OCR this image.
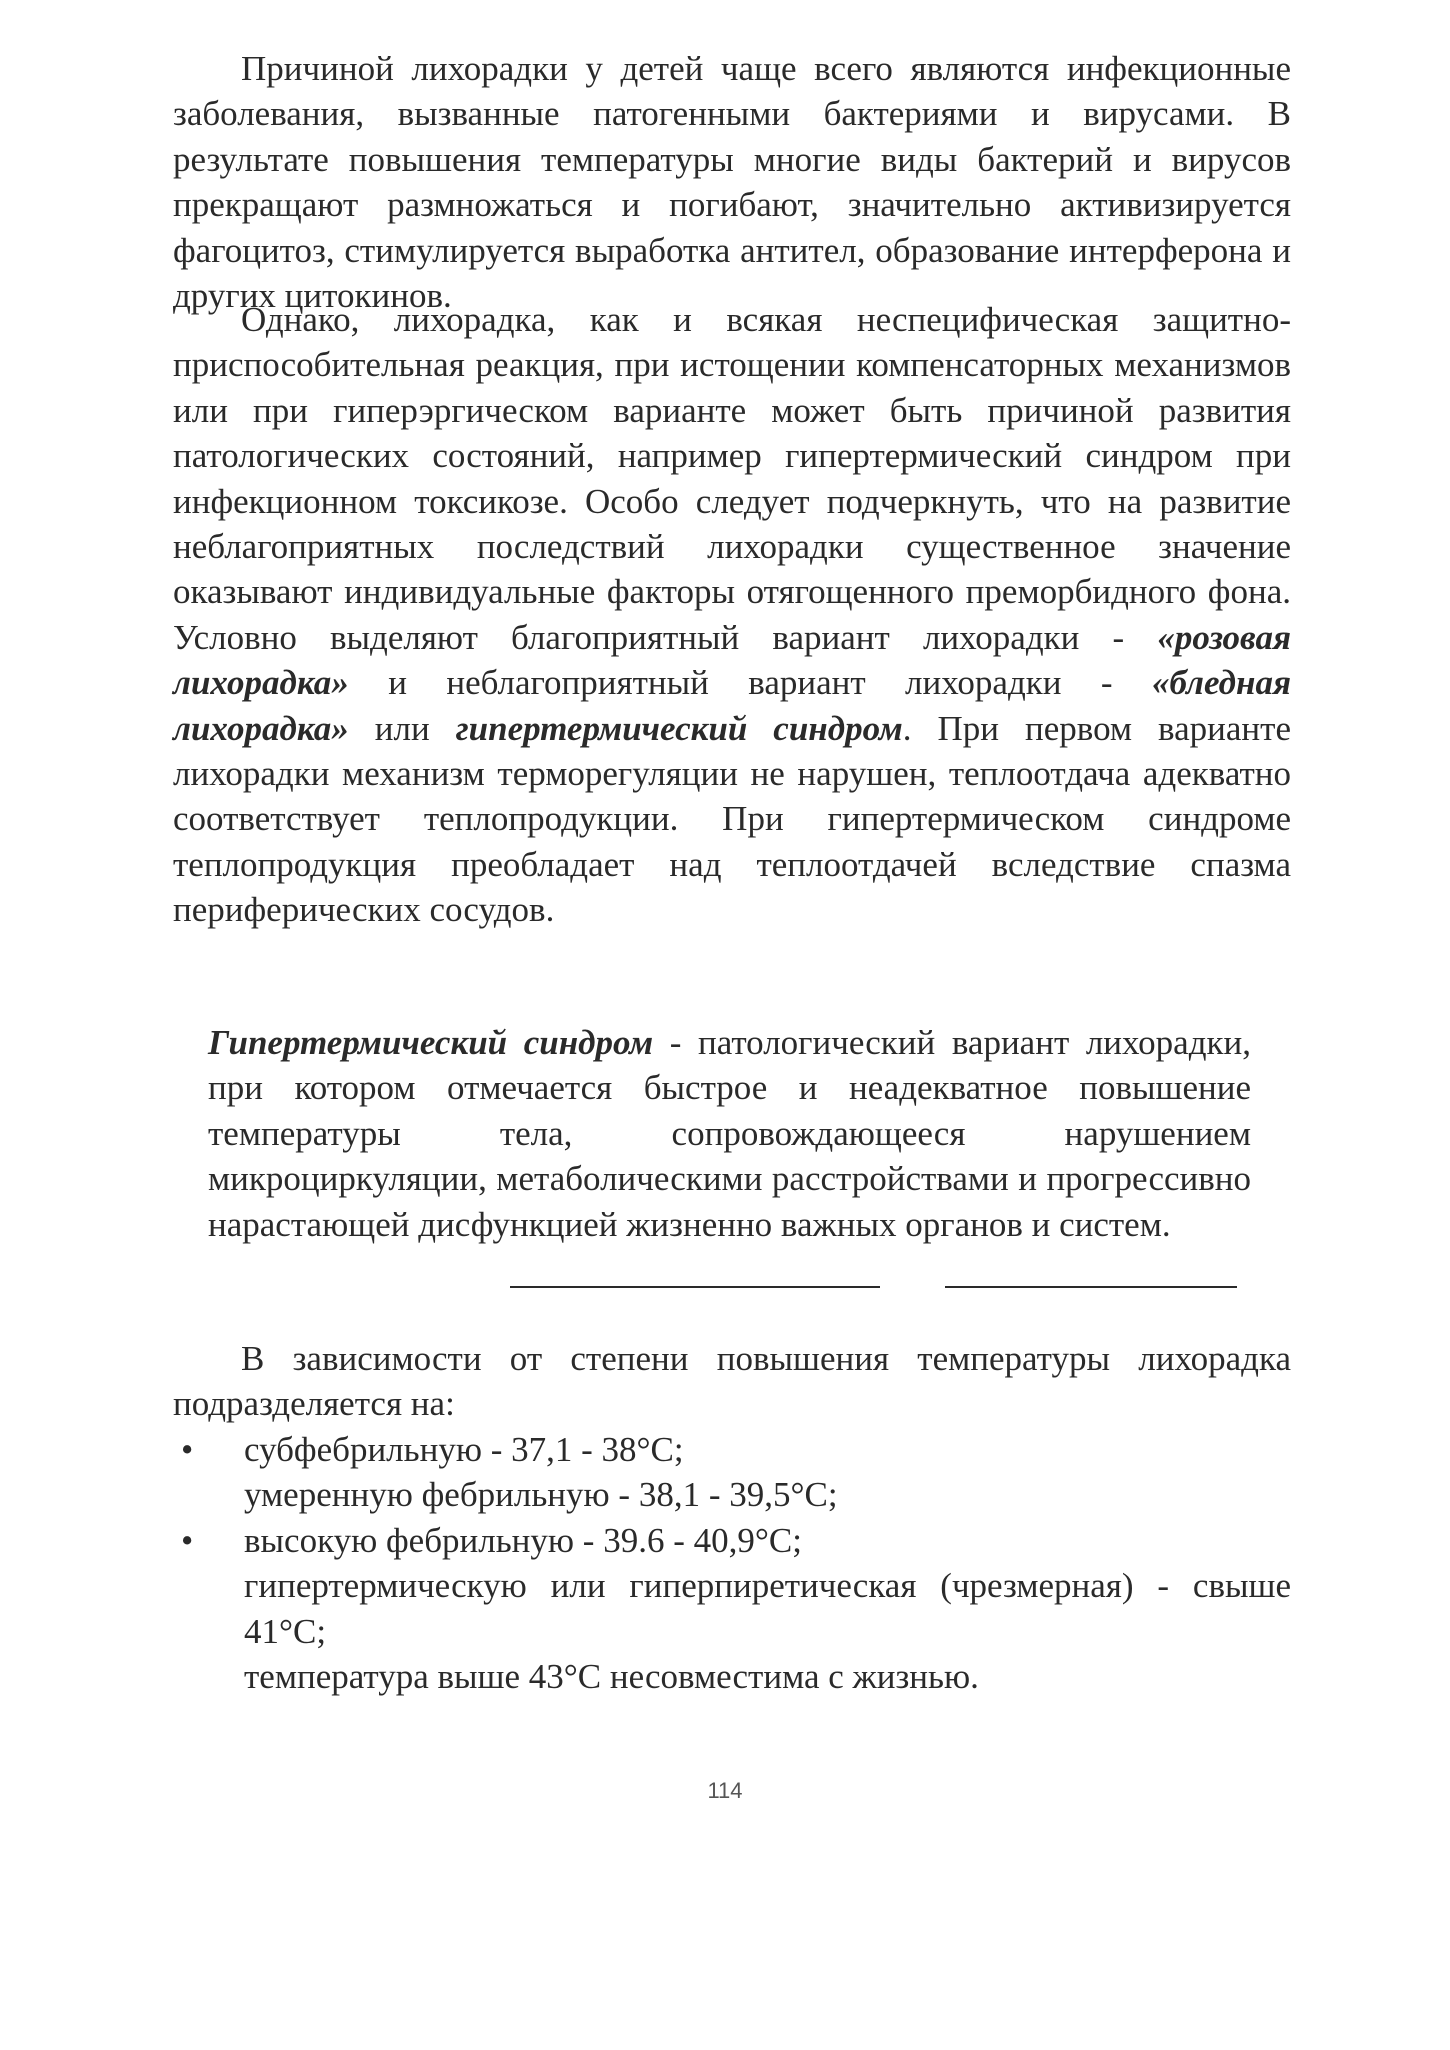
Причиной лихорадки у детей чаще всего являются инфекционные заболевания, вызванные патогенными бактериями и вирусами. В результате повышения температуры многие виды бактерий и вирусов прекращают размножаться и погибают, значительно активизируется фагоцитоз, стимулируется выработка антител, образование интерферона и других цитокинов.

Однако, лихорадка, как и всякая неспецифическая защитно-приспособительная реакция, при истощении компенсаторных механизмов или при гиперэргическом варианте может быть причиной развития патологических состояний, например гипертермический синдром при инфекционном токсикозе. Особо следует подчеркнуть, что на развитие неблагоприятных последствий лихорадки существенное значение оказывают индивидуальные факторы отягощенного преморбидного фона. Условно выделяют благоприятный вариант лихорадки - «розовая лихорадка» и неблагоприятный вариант лихорадки - «бледная лихорадка» или гипертермический синдром. При первом варианте лихорадки механизм терморегуляции не нарушен, теплоотдача адекватно соответствует теплопродукции. При гипертермическом синдроме теплопродукция преобладает над теплоотдачей вследствие спазма периферических сосудов.

Гипертермический синдром - патологический вариант лихорадки, при котором отмечается быстрое и неадекватное повышение температуры тела, сопровождающееся нарушением микроциркуляции, метаболическими расстройствами и прогрессивно нарастающей дисфункцией жизненно важных органов и систем.

В зависимости от степени повышения температуры лихорадка подразделяется на:

• субфебрильную - 37,1 - 38°С;
умеренную фебрильную - 38,1 - 39,5°С;
• высокую фебрильную - 39.6 - 40,9°С;
гипертермическую или гиперпиретическая (чрезмерная) - свыше 41°С;
температура выше 43°С несовместима с жизнью.
114
